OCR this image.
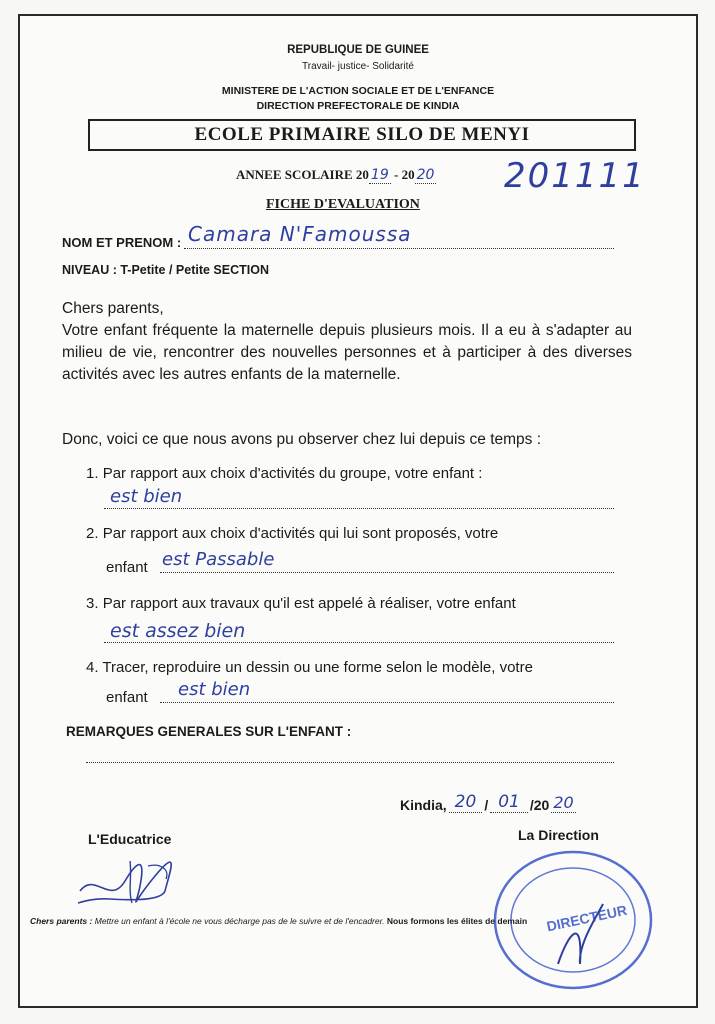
REPUBLIQUE DE GUINEE
Travail- justice- Solidarité
MINISTERE DE L'ACTION SOCIALE ET DE L'ENFANCE
DIRECTION PREFECTORALE DE KINDIA
ECOLE PRIMAIRE SILO DE MENYI
ANNEE SCOLAIRE 20 19 - 20 20 201111
FICHE D'EVALUATION
NOM ET PRENOM : Camara N'Famoussa
NIVEAU : T-Petite / Petite SECTION
Chers parents,
Votre enfant fréquente la maternelle depuis plusieurs mois. Il a eu à s'adapter au milieu de vie, rencontrer des nouvelles personnes et à participer à des diverses activités avec les autres enfants de la maternelle.
Donc, voici ce que nous avons pu observer chez lui depuis ce temps :
1. Par rapport aux choix d'activités du groupe, votre enfant :
est bien
2. Par rapport aux choix d'activités qui lui sont proposés, votre
enfant est Passable
3. Par rapport aux travaux qu'il est appelé à réaliser, votre enfant
est assez bien
4. Tracer, reproduire un dessin ou une forme selon le modèle, votre
enfant est bien
REMARQUES GENERALES SUR L'ENFANT :
Kindia, 20 / 01 /20 20
L'Educatrice	La Direction
DIRECTEUR
Chers parents : Mettre un enfant à l'école ne vous décharge pas de le suivre et de l'encadrer. Nous formons les élites de demain
